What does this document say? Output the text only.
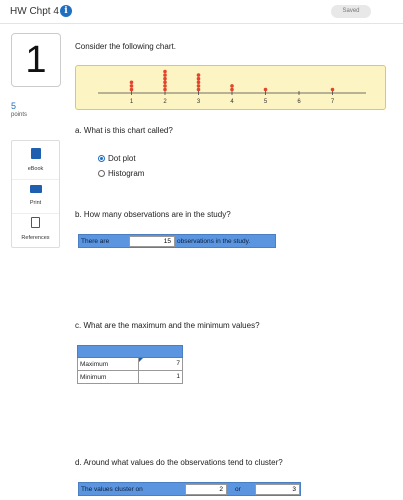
HW Chpt 4 i	Saved
1
5
points
eBook
Print
References
Consider the following chart.
1	2	3	4	5	6	7
a. What is this chart called?
Dot plot
Histogram
b. How many observations are in the study?
There are	15 observations in the study.
c. What are the maximum and the minimum values?
Maximum	7
Minimum	1
d. Around what values do the observations tend to cluster?
The values cluster on	2	or	3
